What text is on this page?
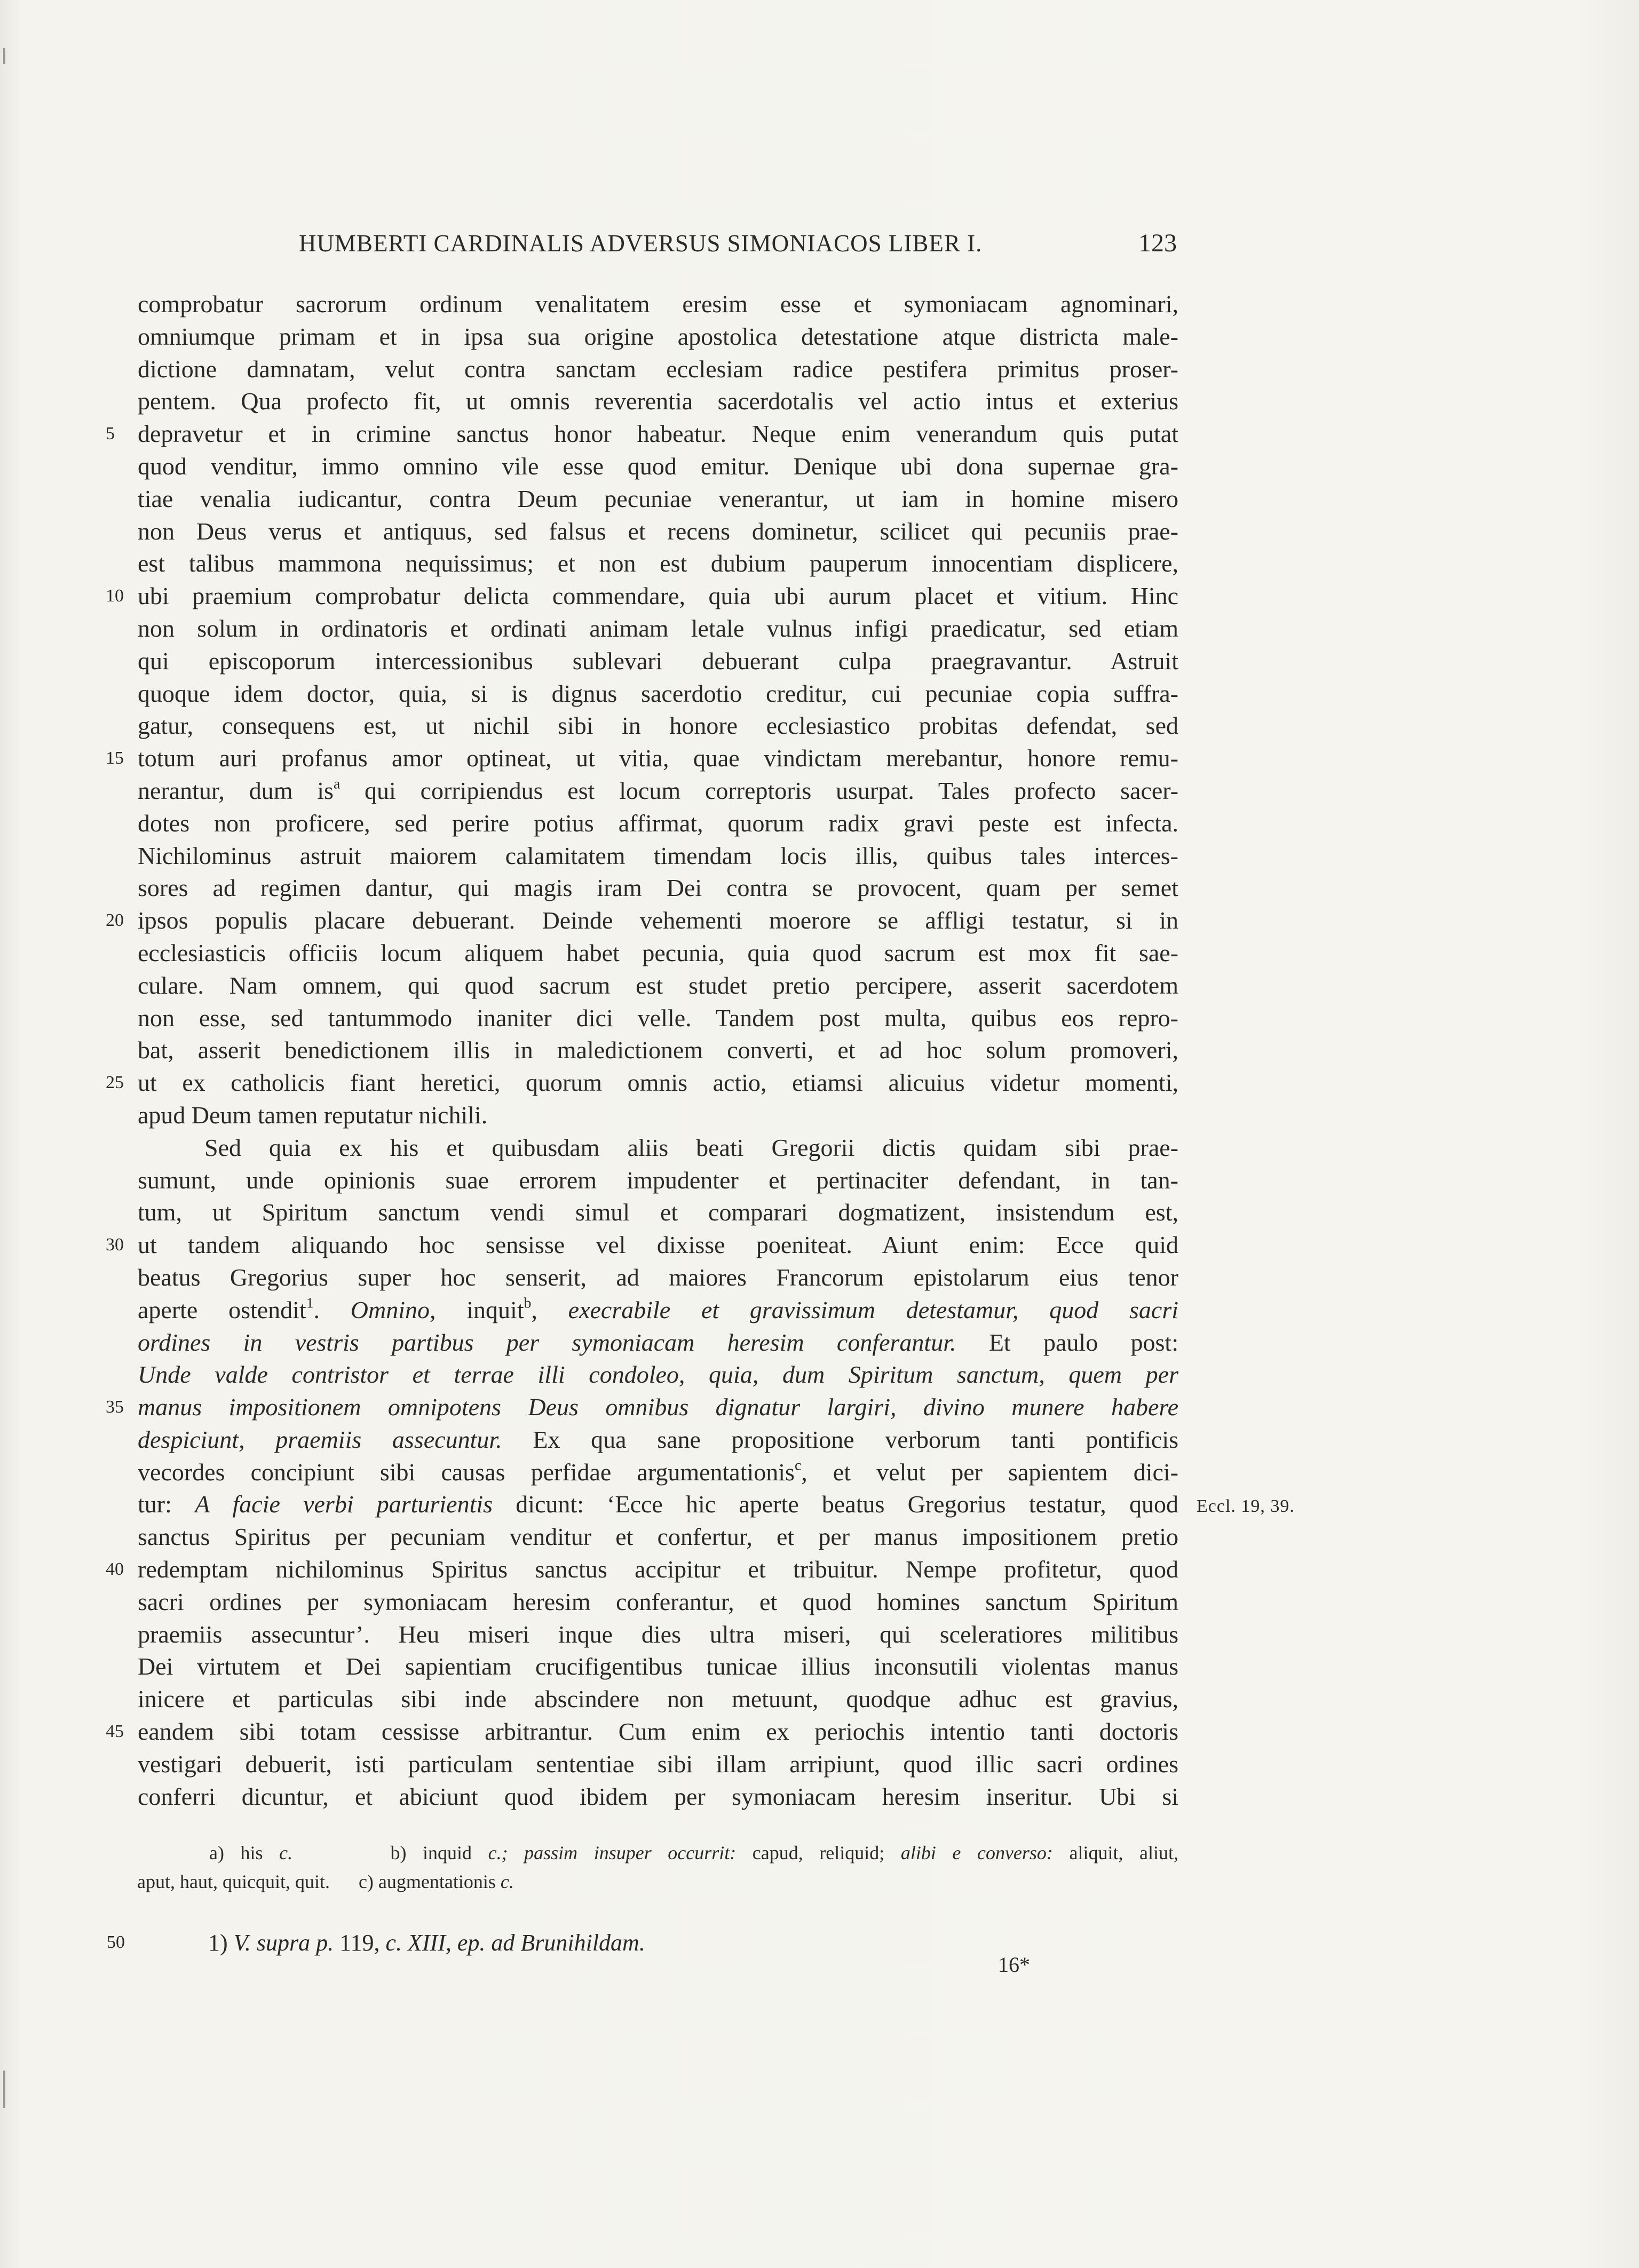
HUMBERTI CARDINALIS ADVERSUS SIMONIACOS LIBER I.	123
comprobatur sacrorum ordinum venalitatem eresim esse et symoniacam agnominari,
omniumque primam et in ipsa sua origine apostolica detestatione atque districta male-
dictione damnatam, velut contra sanctam ecclesiam radice pestifera primitus proser-
pentem. Qua profecto fit, ut omnis reverentia sacerdotalis vel actio intus et exterius
5 depravetur et in crimine sanctus honor habeatur. Neque enim venerandum quis putat
quod venditur, immo omnino vile esse quod emitur. Denique ubi dona supernae gra-
tiae venalia iudicantur, contra Deum pecuniae venerantur, ut iam in homine misero
non Deus verus et antiquus, sed falsus et recens dominetur, scilicet qui pecuniis prae-
est talibus mammona nequissimus; et non est dubium pauperum innocentiam displicere,
10 ubi praemium comprobatur delicta commendare, quia ubi aurum placet et vitium. Hinc
non solum in ordinatoris et ordinati animam letale vulnus infigi praedicatur, sed etiam
qui episcoporum intercessionibus sublevari debuerant culpa praegravantur. Astruit
quoque idem doctor, quia, si is dignus sacerdotio creditur, cui pecuniae copia suffra-
gatur, consequens est, ut nichil sibi in honore ecclesiastico probitas defendat, sed
15 totum auri profanus amor optineat, ut vitia, quae vindictam merebantur, honore remu-
nerantur, dum $is^a$ qui corripiendus est locum correptoris usurpat. Tales profecto sacer-
dotes non proficere, sed perire potius affirmat, quorum radix gravi peste est infecta.
Nichilominus astruit maiorem calamitatem timendam locis illis, quibus tales interces-
sores ad regimen dantur, qui magis iram Dei contra se provocent, quam per semet
20 ipsos populis placare debuerant. Deinde vehementi moerore se affligi testatur, si in
ecclesiasticis officiis locum aliquem habet pecunia, quia quod sacrum est mox fit sae-
culare. Nam omnem, qui quod sacrum est studet pretio percipere, asserit sacerdotem
non esse, sed tantummodo inaniter dici velle. Tandem post multa, quibus eos repro-
bat, asserit benedictionem illis in maledictionem converti, et ad hoc solum promoveri,
25 ut ex catholicis fiant heretici, quorum omnis actio, etiamsi alicuius videtur momenti,
apud Deum tamen reputatur nichili.
Sed quia ex his et quibusdam aliis beati Gregorii dictis quidam sibi prae-
sumunt, unde opinionis suae errorem impudenter et pertinaciter defendant, in tan-
tum, ut Spiritum sanctum vendi simul et comparari dogmatizent, insistendum est,
30 ut tandem aliquando hoc sensisse vel dixisse poeniteat. Aiunt enim: Ecce quid
beatus Gregorius super hoc senserit, ad maiores Francorum epistolarum eius tenor
aperte ostendit$^1$. Omnino, inquit$^b$, execrabile et gravissimum detestamur, quod sacri
ordines in vestris partibus per symoniacam heresim conferantur. Et paulo post:
Unde valde contristor et terrae illi condoleo, quia, dum Spiritum sanctum, quem per
35 manus impositionem omnipotens Deus omnibus dignatur largiri, divino munere habere
despiciunt, praemiis assecuntur. Ex qua sane propositione verborum tanti pontificis
vecordes concipiunt sibi causas perfidae argumentationis$^c$, et velut per sapientem dici-
tur: A facie verbi parturientis dicunt: ‘Ecce hic aperte beatus Gregorius testatur, quod
sanctus Spiritus per pecuniam venditur et confertur, et per manus impositionem pretio
40 redemptam nichilominus Spiritus sanctus accipitur et tribuitur. Nempe profitetur, quod
sacri ordines per symoniacam heresim conferantur, et quod homines sanctum Spiritum
praemiis assecuntur’. Heu miseri inque dies ultra miseri, qui sceleratiores militibus
Dei virtutem et Dei sapientiam crucifigentibus tunicae illius inconsutili violentas manus
inicere et particulas sibi inde abscindere non metuunt, quodque adhuc est gravius,
45 eandem sibi totam cessisse arbitrantur. Cum enim ex periochis intentio tanti doctoris
vestigari debuerit, isti particulam sententiae sibi illam arripiunt, quod illic sacri ordines
conferri dicuntur, et abiciunt quod ibidem per symoniacam heresim inseritur. Ubi si
a) his c.	b) inquid c.; passim insuper occurrit: capud, reliquid; alibi e converso: aliquit, aliut,
aput, haut, quicquit, quit. c) augmentationis c.
50	1) V. supra p. 119, c. XIII, ep. ad Brunihildam.
16*
Eccl. 19, 39.
